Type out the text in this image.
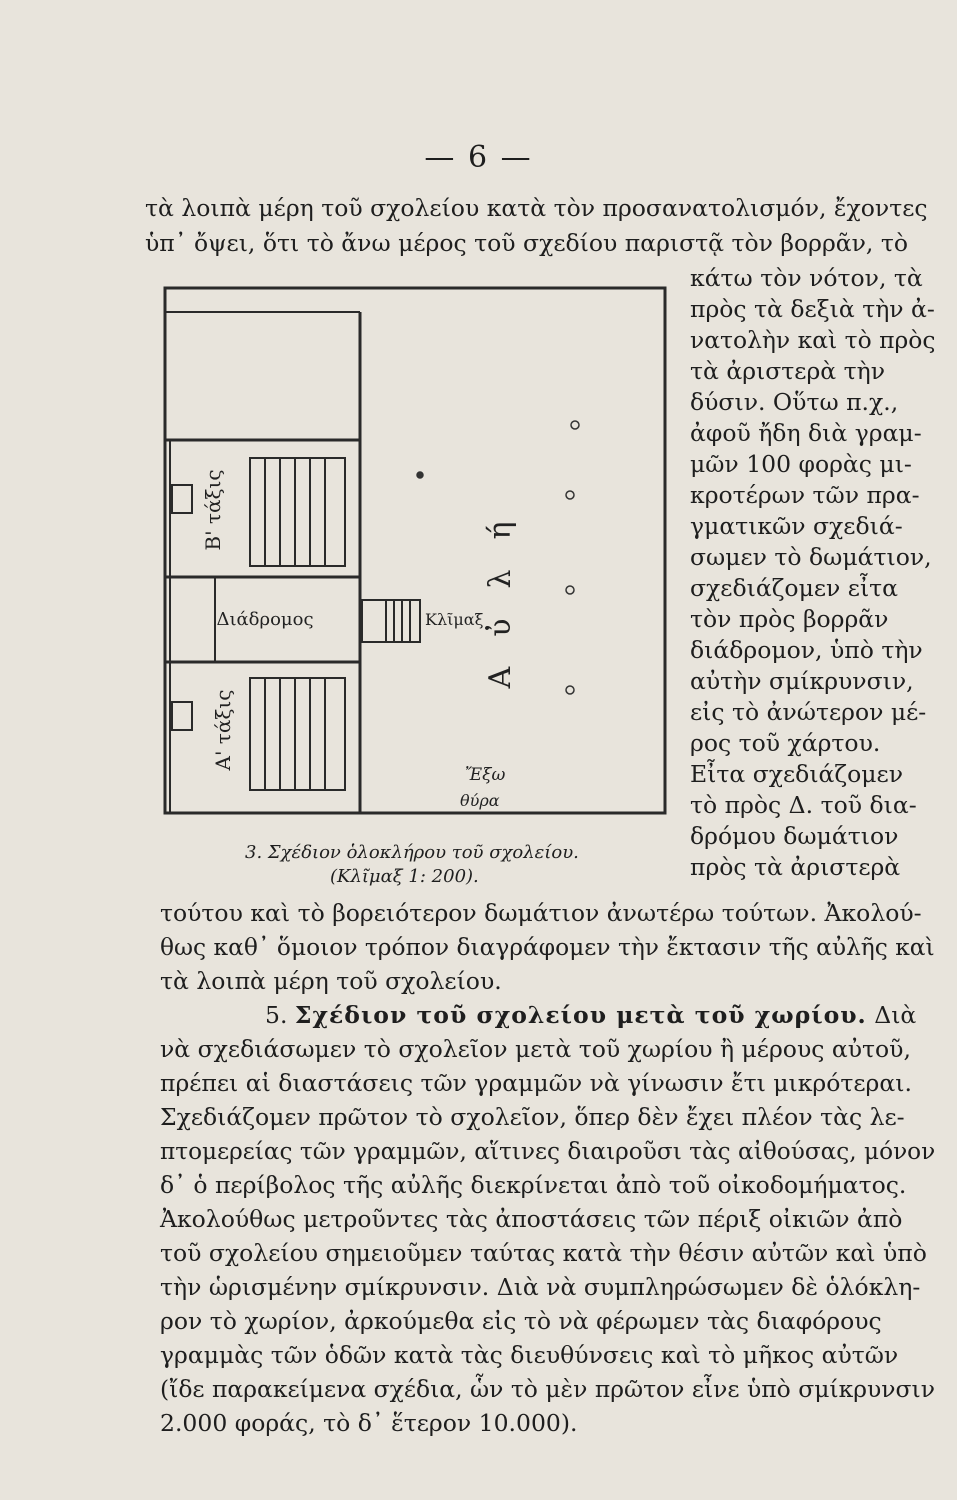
— 6 —
τὰ λοιπὰ μέρη τοῦ σχολείου κατὰ τὸν προσανατολισμόν, ἔχοντες
ὑπ᾽ ὄψει, ὅτι τὸ ἄνω μέρος τοῦ σχεδίου παριστᾷ τὸν βορρᾶν, τὸ
κάτω τὸν νότον, τὰ
πρὸς τὰ δεξιὰ τὴν ἀ-
νατολὴν καὶ τὸ πρὸς
τὰ ἀριστερὰ τὴν
δύσιν. Οὕτω π.χ.,
ἀφοῦ ἤδη διὰ γραμ-
μῶν 100 φορὰς μι-
κροτέρων τῶν πρα-
γματικῶν σχεδιά-
σωμεν τὸ δωμάτιον,
σχεδιάζομεν εἶτα
τὸν πρὸς βορρᾶν
διάδρομον, ὑπὸ τὴν
αὐτὴν σμίκρυνσιν,
εἰς τὸ ἀνώτερον μέ-
ρος τοῦ χάρτου.
Εἶτα σχεδιάζομεν
τὸ πρὸς Δ. τοῦ δια-
δρόμου δωμάτιον
πρὸς τὰ ἀριστερὰ
Β' τάξις
Διάδρομος	Κλῖμαξ Αὐλή
Α' τάξις
Ἔξω
θύρα
3. Σχέδιον ὁλοκλήρου τοῦ σχολείου.
(Κλῖμαξ 1: 200).
τούτου καὶ τὸ βορειότερον δωμάτιον ἀνωτέρω τούτων. Ἀκολού-
θως καθ᾽ ὅμοιον τρόπον διαγράφομεν τὴν ἔκτασιν τῆς αὐλῆς καὶ
τὰ λοιπὰ μέρη τοῦ σχολείου.
5. Σχέδιον τοῦ σχολείου μετὰ τοῦ χωρίου. Διὰ
νὰ σχεδιάσωμεν τὸ σχολεῖον μετὰ τοῦ χωρίου ἢ μέρους αὐτοῦ,
πρέπει αἱ διαστάσεις τῶν γραμμῶν νὰ γίνωσιν ἔτι μικρότεραι.
Σχεδιάζομεν πρῶτον τὸ σχολεῖον, ὅπερ δὲν ἔχει πλέον τὰς λε-
πτομερείας τῶν γραμμῶν, αἵτινες διαιροῦσι τὰς αἰθούσας, μόνον
δ᾽ ὁ περίβολος τῆς αὐλῆς διεκρίνεται ἀπὸ τοῦ οἰκοδομήματος.
Ἀκολούθως μετροῦντες τὰς ἀποστάσεις τῶν πέριξ οἰκιῶν ἀπὸ
τοῦ σχολείου σημειοῦμεν ταύτας κατὰ τὴν θέσιν αὐτῶν καὶ ὑπὸ
τὴν ὡρισμένην σμίκρυνσιν. Διὰ νὰ συμπληρώσωμεν δὲ ὁλόκλη-
ρον τὸ χωρίον, ἀρκούμεθα εἰς τὸ νὰ φέρωμεν τὰς διαφόρους
γραμμὰς τῶν ὁδῶν κατὰ τὰς διευθύνσεις καὶ τὸ μῆκος αὐτῶν
(ἴδε παρακείμενα σχέδια, ὧν τὸ μὲν πρῶτον εἶνε ὑπὸ σμίκρυνσιν
2.000 φοράς, τὸ δ᾽ ἕτερον 10.000).
